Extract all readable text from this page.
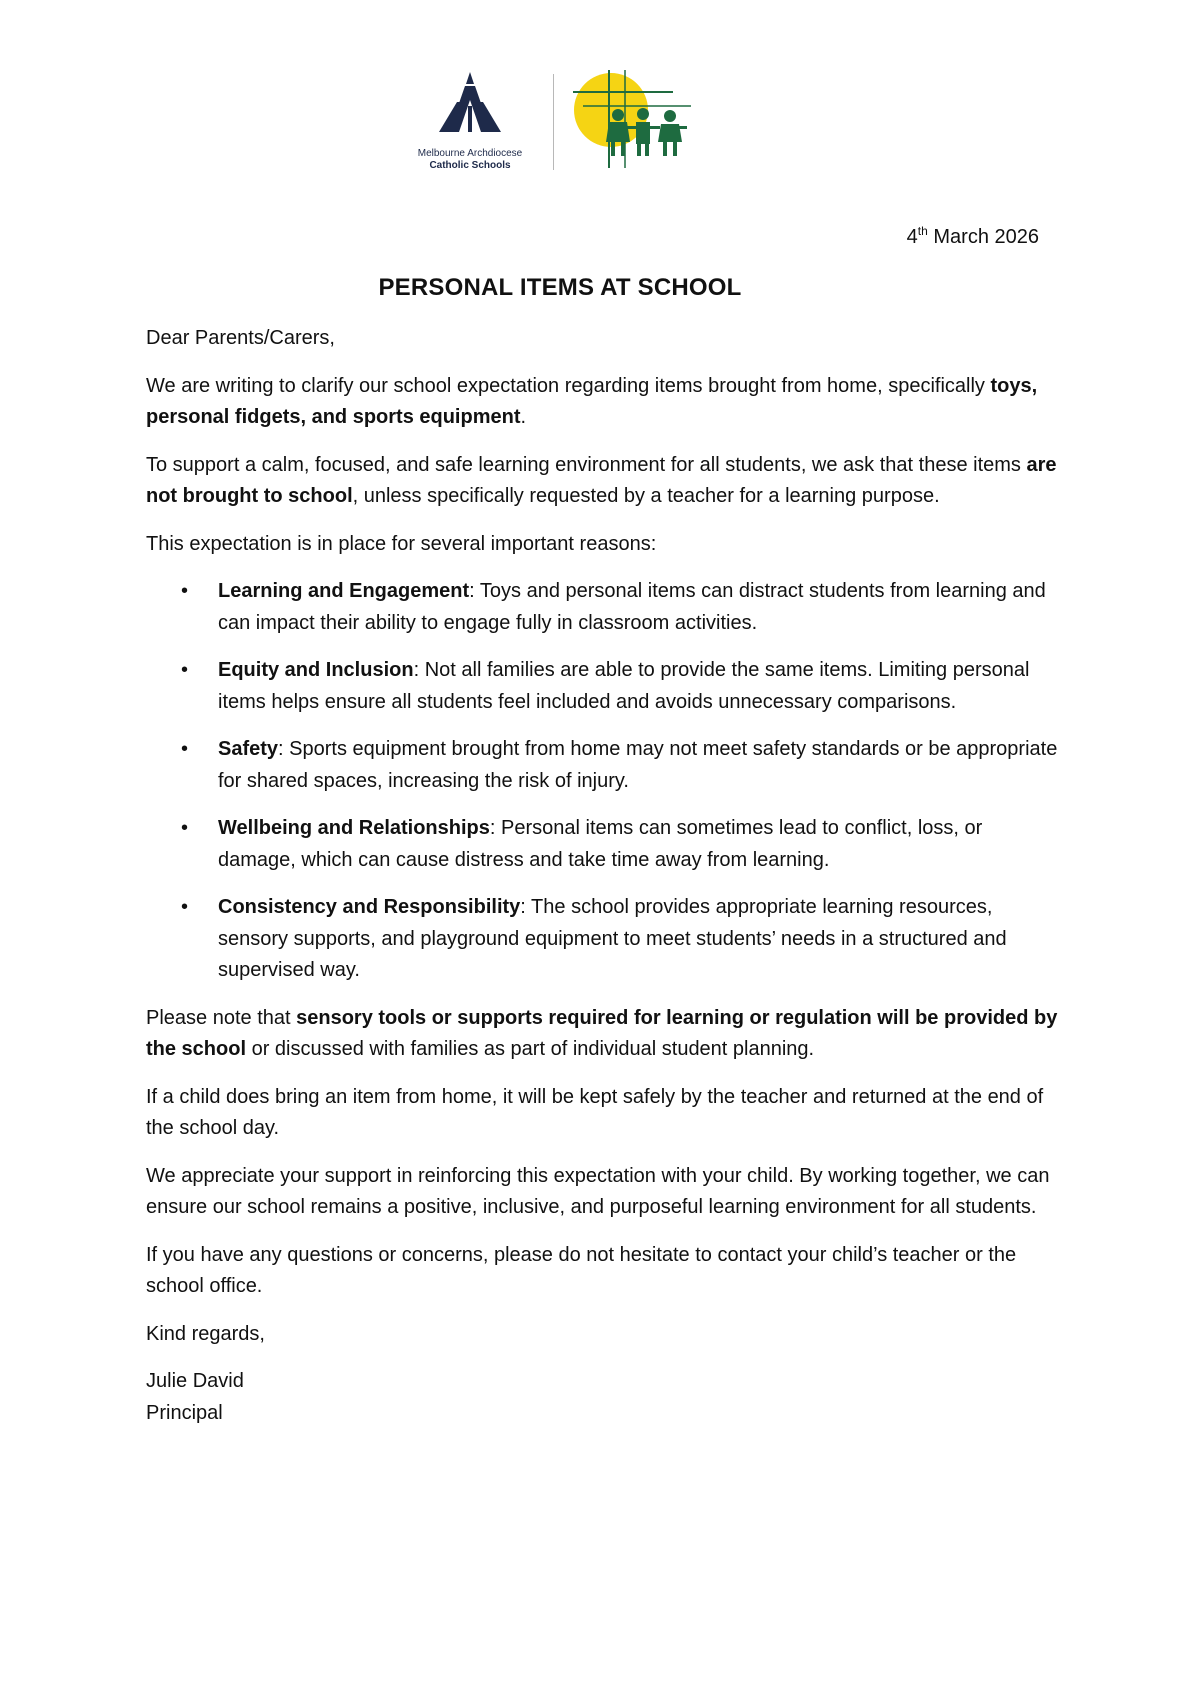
Melbourne Archdiocese
Catholic Schools
4th March 2026
PERSONAL ITEMS AT SCHOOL

Dear Parents/Carers,

We are writing to clarify our school expectation regarding items brought from home, specifically toys, personal fidgets, and sports equipment.

To support a calm, focused, and safe learning environment for all students, we ask that these items are not brought to school, unless specifically requested by a teacher for a learning purpose.

This expectation is in place for several important reasons:

• Learning and Engagement: Toys and personal items can distract students from learning and can impact their ability to engage fully in classroom activities.
• Equity and Inclusion: Not all families are able to provide the same items. Limiting personal items helps ensure all students feel included and avoids unnecessary comparisons.
• Safety: Sports equipment brought from home may not meet safety standards or be appropriate for shared spaces, increasing the risk of injury.
• Wellbeing and Relationships: Personal items can sometimes lead to conflict, loss, or damage, which can cause distress and take time away from learning.
• Consistency and Responsibility: The school provides appropriate learning resources, sensory supports, and playground equipment to meet students’ needs in a structured and supervised way.

Please note that sensory tools or supports required for learning or regulation will be provided by the school or discussed with families as part of individual student planning.

If a child does bring an item from home, it will be kept safely by the teacher and returned at the end of the school day.

We appreciate your support in reinforcing this expectation with your child. By working together, we can ensure our school remains a positive, inclusive, and purposeful learning environment for all students.

If you have any questions or concerns, please do not hesitate to contact your child’s teacher or the school office.

Kind regards,

Julie David

Principal
